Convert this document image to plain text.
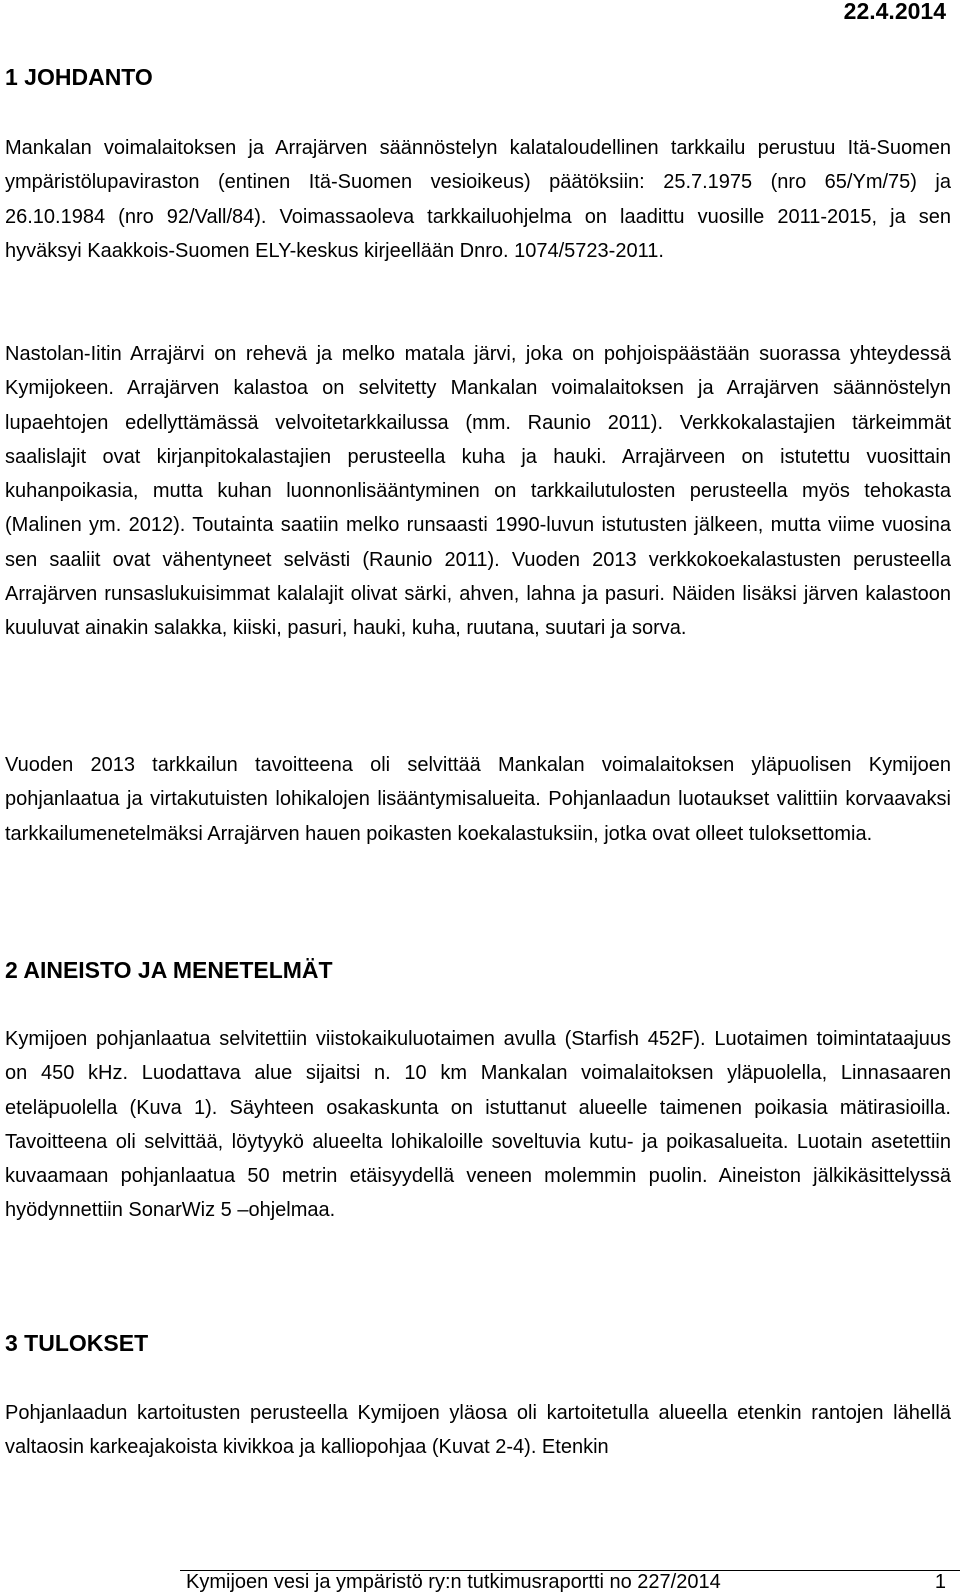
22.4.2014
1 JOHDANTO

Mankalan voimalaitoksen ja Arrajärven säännöstelyn kalataloudellinen tarkkailu perustuu Itä-Suomen ympäristölupaviraston (entinen Itä-Suomen vesioikeus) päätöksiin: 25.7.1975 (nro 65/Ym/75) ja 26.10.1984 (nro 92/Vall/84). Voimassaoleva tarkkailuohjelma on laadittu vuosille 2011-2015, ja sen hyväksyi Kaakkois-Suomen ELY-keskus kirjeellään Dnro. 1074/5723-2011.

Nastolan-Iitin Arrajärvi on rehevä ja melko matala järvi, joka on pohjoispäästään suorassa yhteydessä Kymijokeen. Arrajärven kalastoa on selvitetty Mankalan voimalaitoksen ja Arrajärven säännöstelyn lupaehtojen edellyttämässä velvoitetarkkailussa (mm. Raunio 2011). Verkkokalastajien tärkeimmät saalislajit ovat kirjanpitokalastajien perusteella kuha ja hauki. Arrajärveen on istutettu vuosittain kuhanpoikasia, mutta kuhan luonnonlisääntyminen on tarkkailutulosten perusteella myös tehokasta (Malinen ym. 2012). Toutainta saatiin melko runsaasti 1990-luvun istutusten jälkeen, mutta viime vuosina sen saaliit ovat vähentyneet selvästi (Raunio 2011). Vuoden 2013 verkkokoekalastusten perusteella Arrajärven runsaslukuisimmat kalalajit olivat särki, ahven, lahna ja pasuri. Näiden lisäksi järven kalastoon kuuluvat ainakin salakka, kiiski, pasuri, hauki, kuha, ruutana, suutari ja sorva.

Vuoden 2013 tarkkailun tavoitteena oli selvittää Mankalan voimalaitoksen yläpuolisen Kymijoen pohjanlaatua ja virtakutuisten lohikalojen lisääntymisalueita. Pohjanlaadun luotaukset valittiin korvaavaksi tarkkailumenetelmäksi Arrajärven hauen poikasten koekalastuksiin, jotka ovat olleet tuloksettomia.

2 AINEISTO JA MENETELMÄT

Kymijoen pohjanlaatua selvitettiin viistokaikuluotaimen avulla (Starfish 452F). Luotaimen toimintataajuus on 450 kHz. Luodattava alue sijaitsi n. 10 km Mankalan voimalaitoksen yläpuolella, Linnasaaren eteläpuolella (Kuva 1). Säyhteen osakaskunta on istuttanut alueelle taimenen poikasia mätirasioilla. Tavoitteena oli selvittää, löytyykö alueelta lohikaloille soveltuvia kutu- ja poikasalueita. Luotain asetettiin kuvaamaan pohjanlaatua 50 metrin etäisyydellä veneen molemmin puolin. Aineiston jälkikäsittelyssä hyödynnettiin SonarWiz 5 –ohjelmaa.

3 TULOKSET

Pohjanlaadun kartoitusten perusteella Kymijoen yläosa oli kartoitetulla alueella etenkin rantojen lähellä valtaosin karkeajakoista kivikkoa ja kalliopohjaa (Kuvat 2-4). Etenkin

Kymijoen vesi ja ympäristö ry:n tutkimusraportti no 227/2014	1
